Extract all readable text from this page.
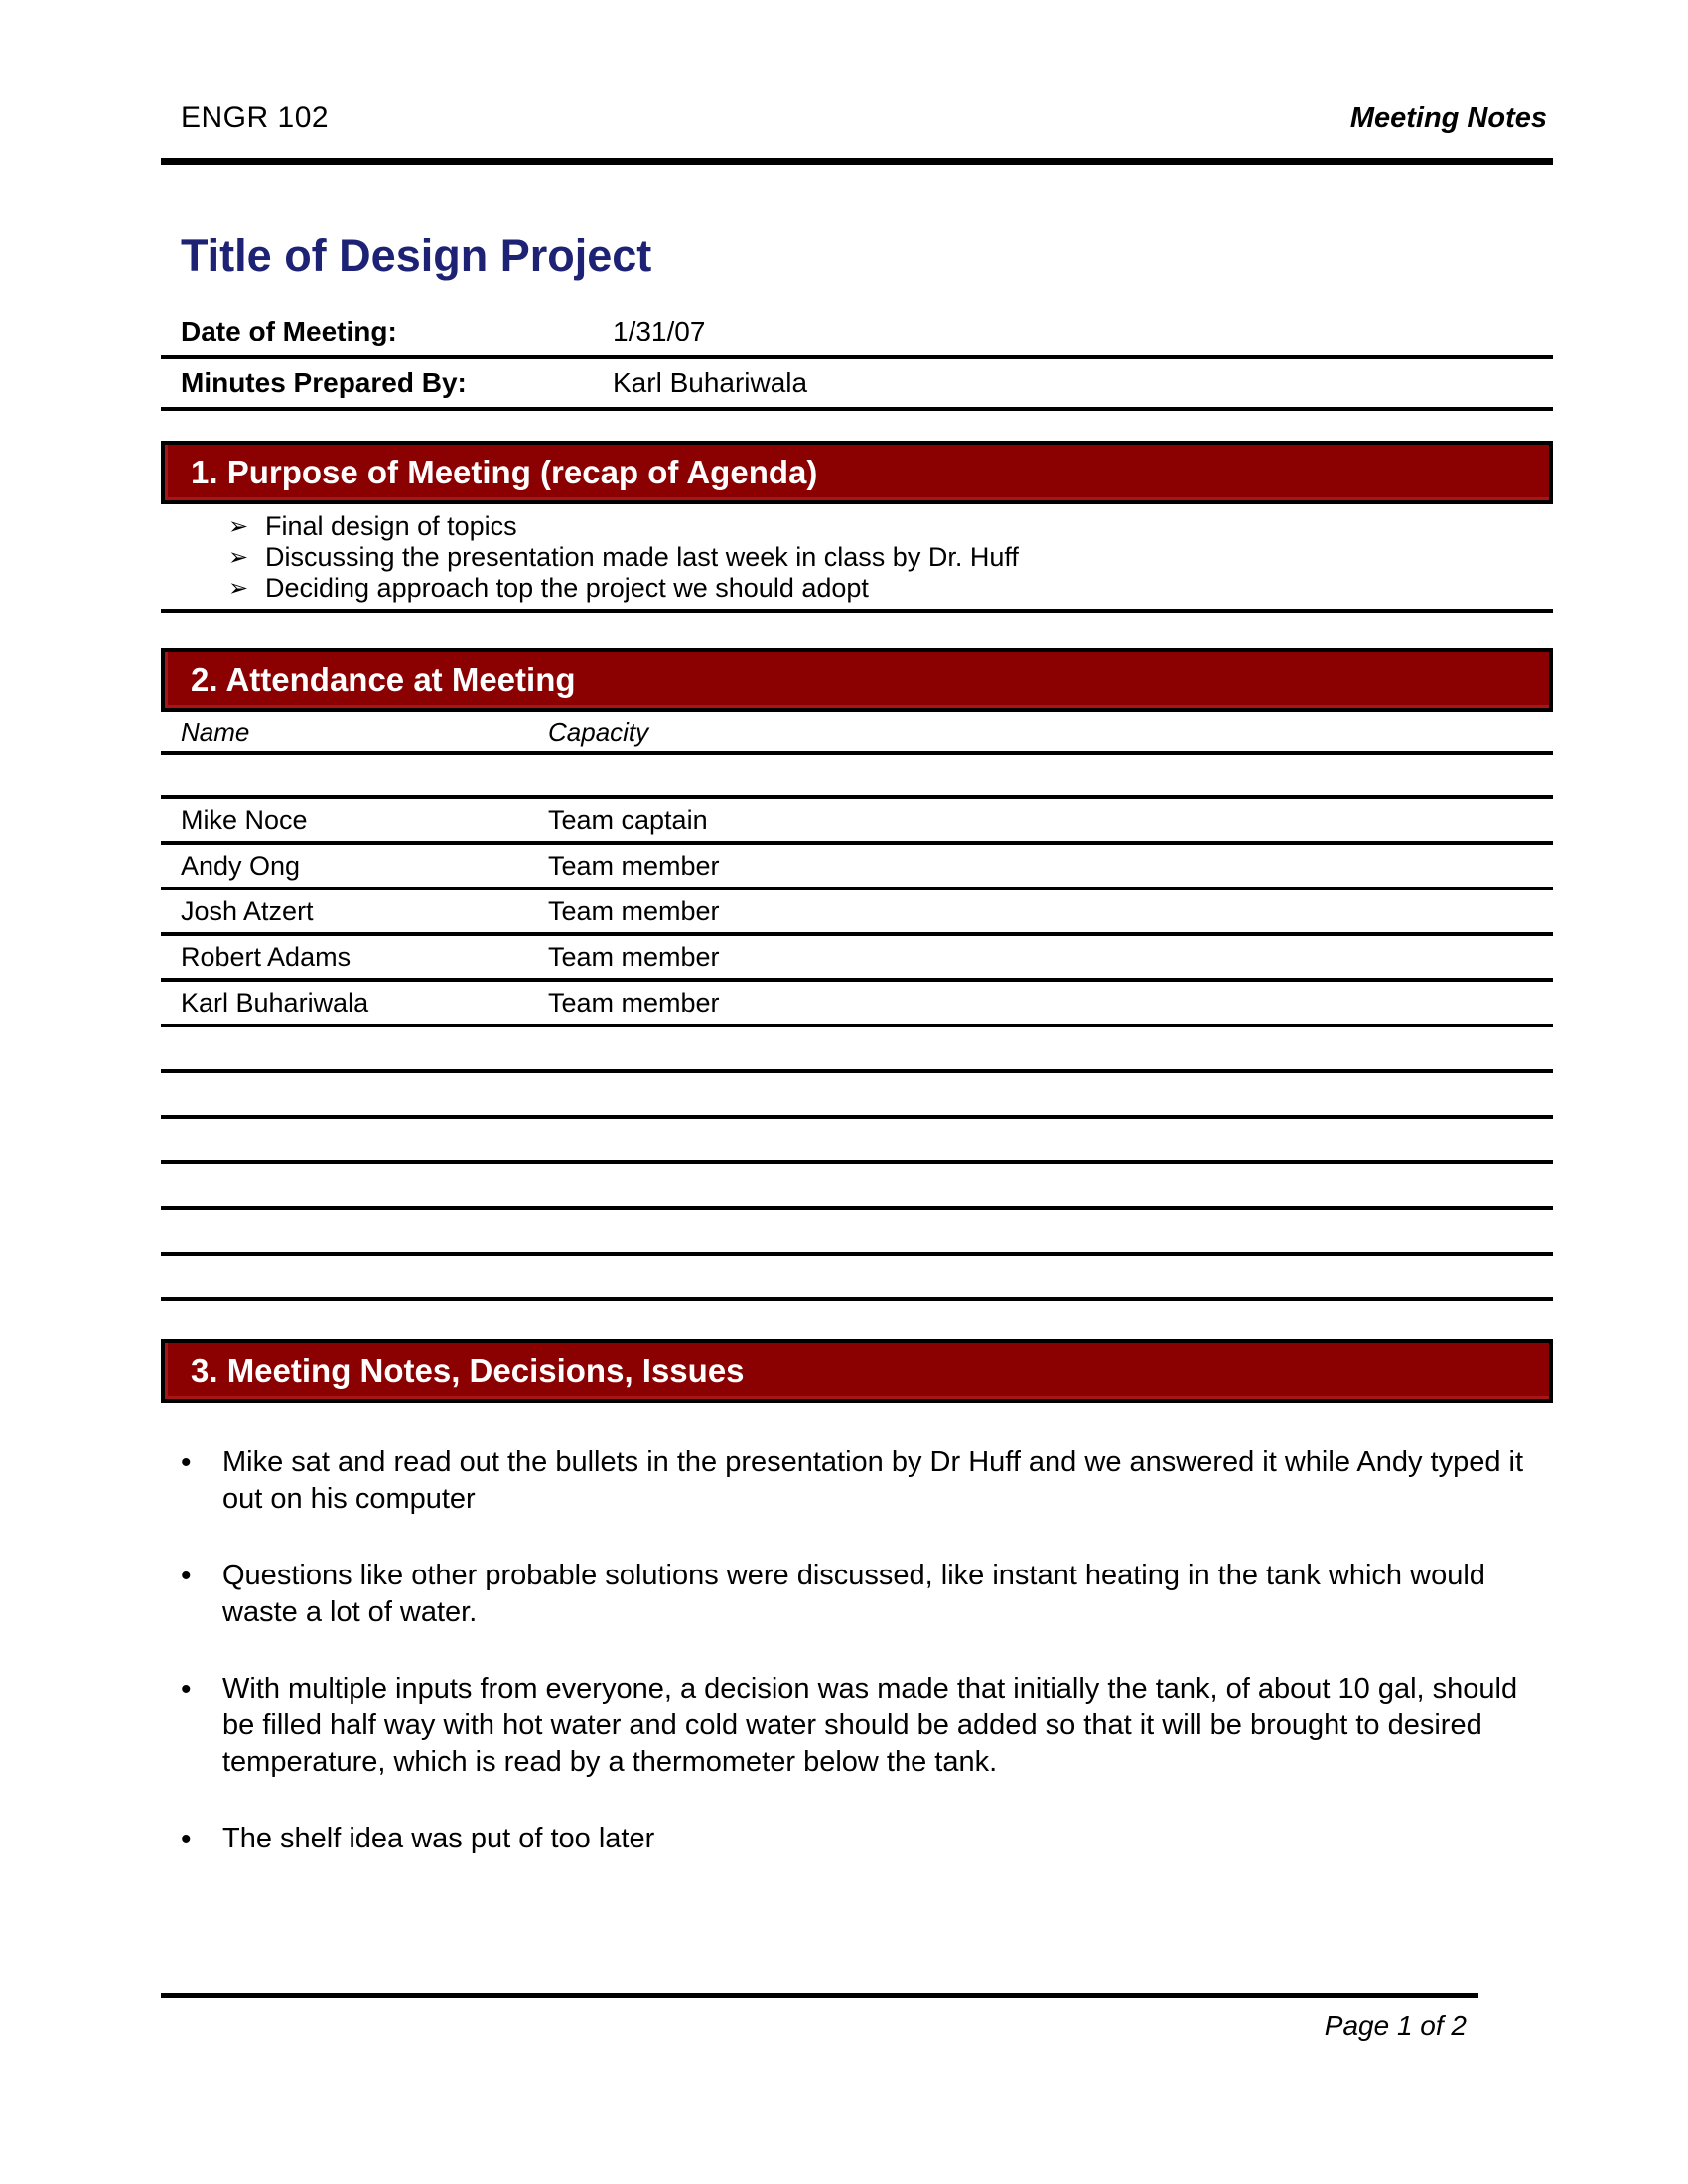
ENGR 102	Meeting Notes
Title of Design Project
Date of Meeting:	1/31/07
Minutes Prepared By:	Karl Buhariwala
1. Purpose of Meeting (recap of Agenda)
➢ Final design of topics
➢ Discussing the presentation made last week in class by Dr. Huff
➢ Deciding approach top the project we should adopt
2. Attendance at Meeting
Name	Capacity
Mike Noce	Team captain
Andy Ong	Team member
Josh Atzert	Team member
Robert Adams	Team member
Karl Buhariwala	Team member
3. Meeting Notes, Decisions, Issues
•	Mike sat and read out the bullets in the presentation by Dr Huff and we answered it while Andy typed it out on his computer
•	Questions like other probable solutions were discussed, like instant heating in the tank which would waste a lot of water.
•	With multiple inputs from everyone, a decision was made that initially the tank, of about 10 gal, should be filled half way with hot water and cold water should be added so that it will be brought to desired temperature, which is read by a thermometer below the tank.
•	The shelf idea was put of too later
Page 1 of 2
